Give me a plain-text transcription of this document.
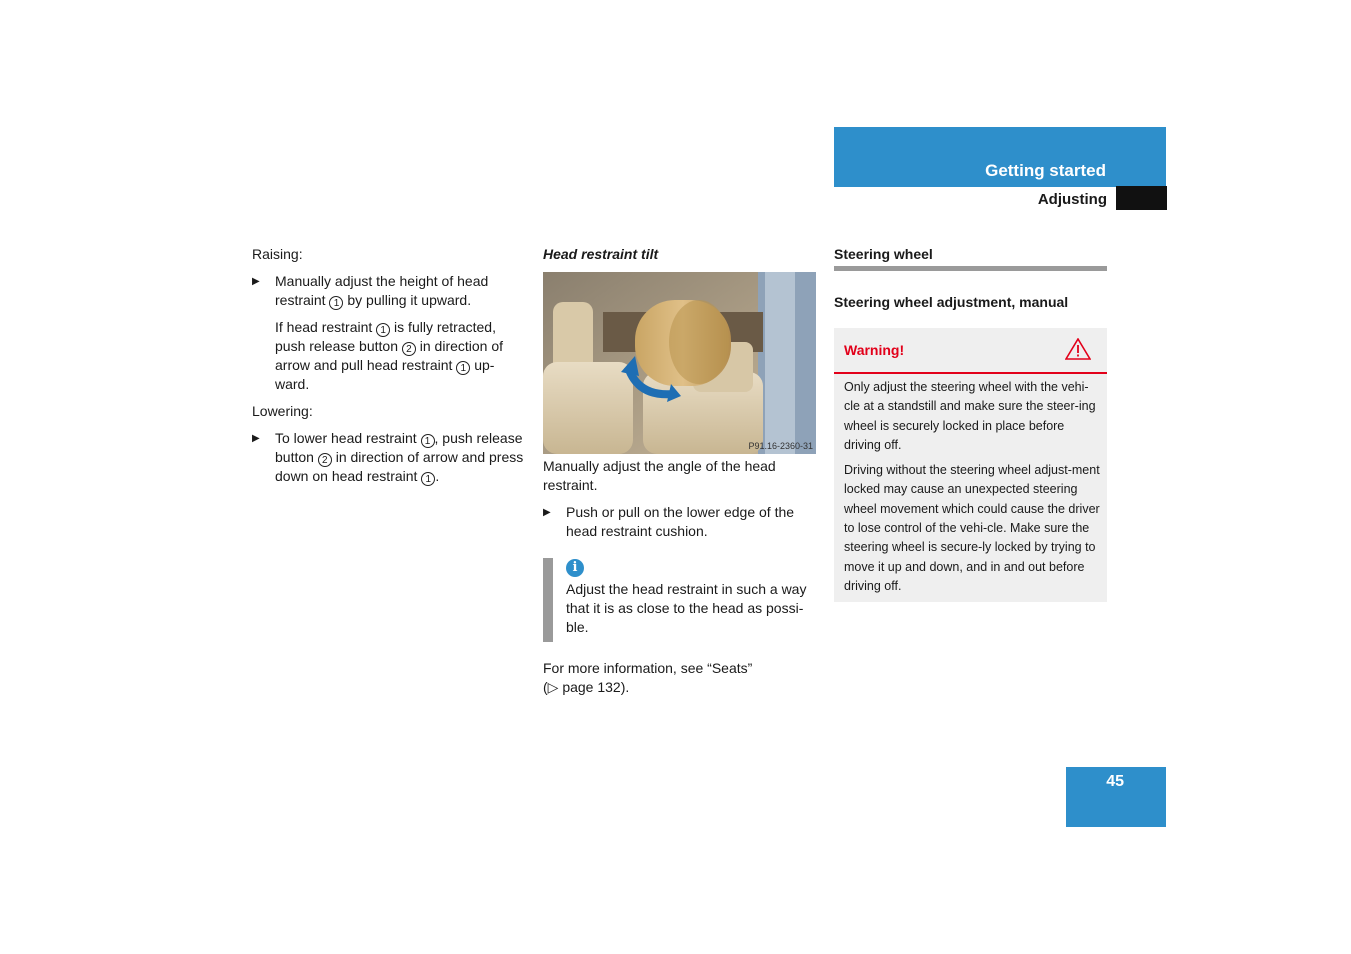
Getting started
Adjusting

Raising:

▶ Manually adjust the height of head restraint 1 by pulling it upward.
If head restraint 1 is fully retracted, push release button 2 in direction of arrow and pull head restraint 1 up-ward.

Lowering:

▶ To lower head restraint 1 , push release button 2 in direction of arrow and press down on head restraint 1 .
Head restraint tilt
P91.16-2360-31

Manually adjust the angle of the head restraint.

▶ Push or pull on the lower edge of the head restraint cushion.
i

Adjust the head restraint in such a way that it is as close to the head as possi-ble.

For more information, see “Seats”

(▷ page 132).

Steering wheel
Steering wheel adjustment, manual
Warning!

Only adjust the steering wheel with the vehi-cle at a standstill and make sure the steer-ing wheel is securely locked in place before driving off.

Driving without the steering wheel adjust-ment locked may cause an unexpected steering wheel movement which could cause the driver to lose control of the vehi-cle. Make sure the steering wheel is secure-ly locked by trying to move it up and down, and in and out before driving off.

45
